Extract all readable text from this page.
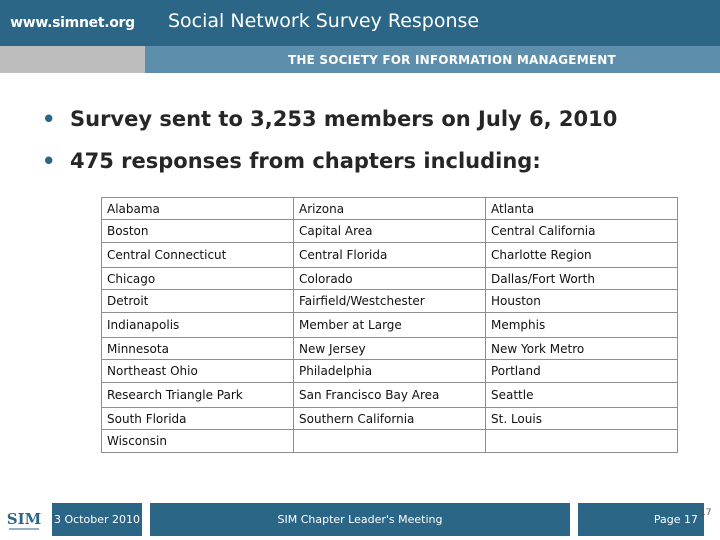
www.simnet.org Social Network Survey Response
THE SOCIETY FOR INFORMATION MANAGEMENT
• Survey sent to 3,253 members on July 6, 2010
• 475 responses from chapters including:
Alabama	Arizona	Atlanta
Boston	Capital Area	Central California
Central Connecticut	Central Florida	Charlotte Region
Chicago	Colorado	Dallas/Fort Worth
Detroit	Fairfield/Westchester	Houston
Indianapolis	Member at Large	Memphis
Minnesota	New Jersey	New York Metro
Northeast Ohio	Philadelphia	Portland
Research Triangle Park	San Francisco Bay Area	Seattle
South Florida	Southern California	St. Louis
Wisconsin		
SIM 3 October 2010	SIM Chapter Leader's Meeting	Page 17 17
